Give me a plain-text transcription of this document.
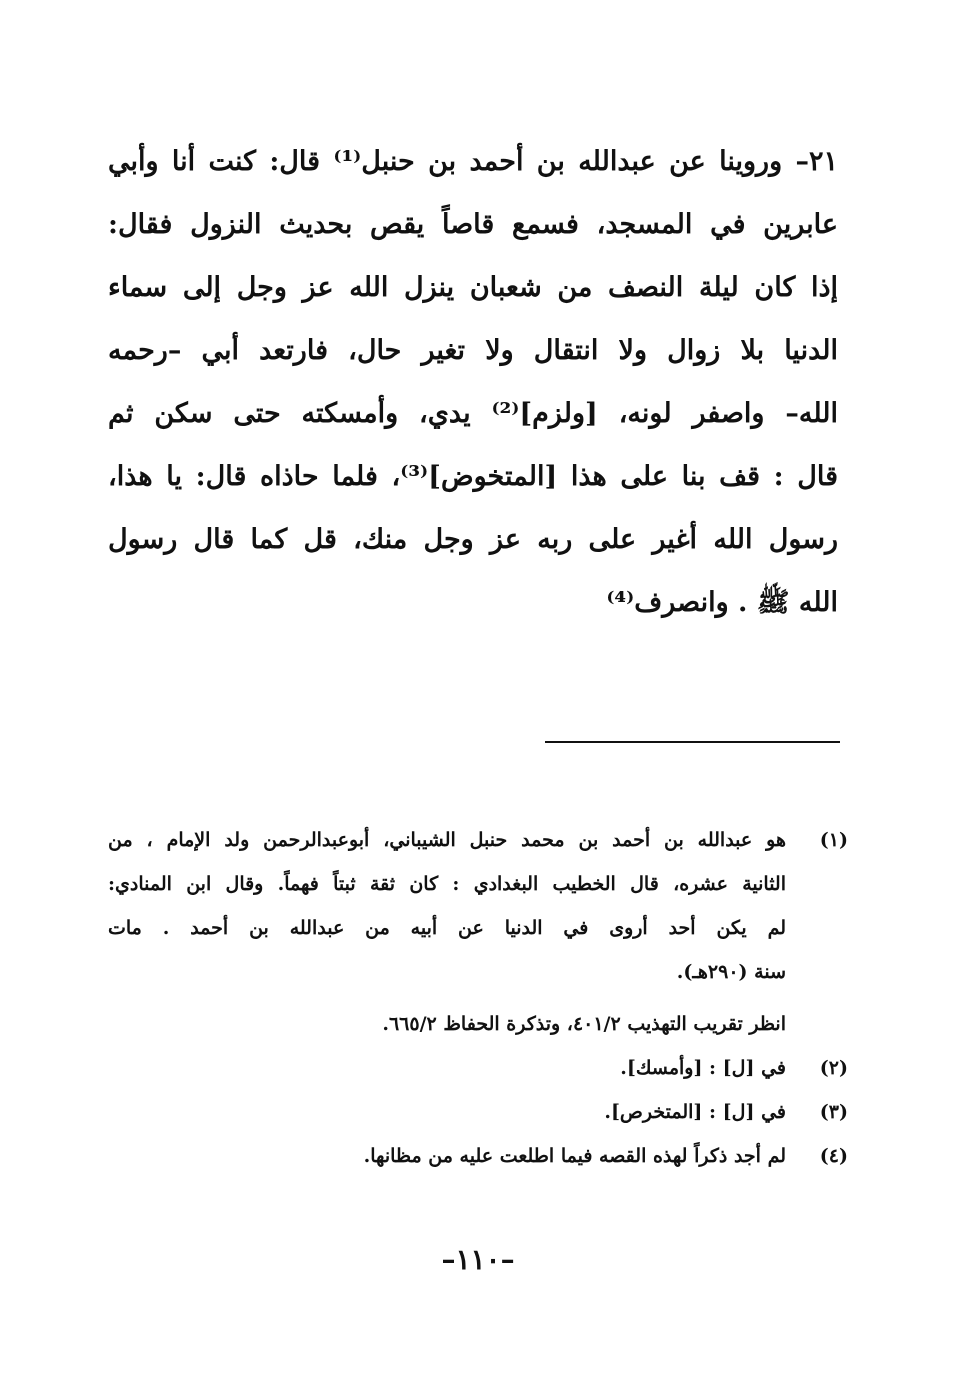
٢١– وروينا عن عبدالله بن أحمد بن حنبل⁽¹⁾ قال: كنت أنا وأبي
عابرين في المسجد، فسمع قاصاً يقص بحديث النزول فقال:
إذا كان ليلة النصف من شعبان ينزل الله عز وجل إلى سماء
الدنيا بلا زوال ولا انتقال ولا تغير حال، فارتعد أبي –رحمه
الله– واصفر لونه، [ولزم]⁽²⁾ يدي، وأمسكته حتى سكن ثم
قال : قف بنا على هذا [المتخوض]⁽³⁾، فلما حاذاه قال: يا هذا،
رسول الله أغير على ربه عز وجل منك، قل كما قال رسول
الله ﷺ . وانصرف⁽⁴⁾
(١)
هو عبدالله بن أحمد بن محمد حنبل الشيباني، أبوعبدالرحمن ولد الإمام ، من
الثانية عشره، قال الخطيب البغدادي : كان ثقة ثبتاً فهماً. وقال ابن المنادي:
لم يكن أحد أروى في الدنيا عن أبيه من عبدالله بن أحمد . مات
سنة (٢٩٠هـ).
انظر تقريب التهذيب ٤٠١/٢، وتذكرة الحفاظ ٦٦٥/٢.
(٢)
في [ل] : [وأمسك].
(٣)
في [ل] : [المتخرص].
(٤)
لم أجد ذكراً لهذه القصه فيما اطلعت عليه من مظانها.
–١١٠–
